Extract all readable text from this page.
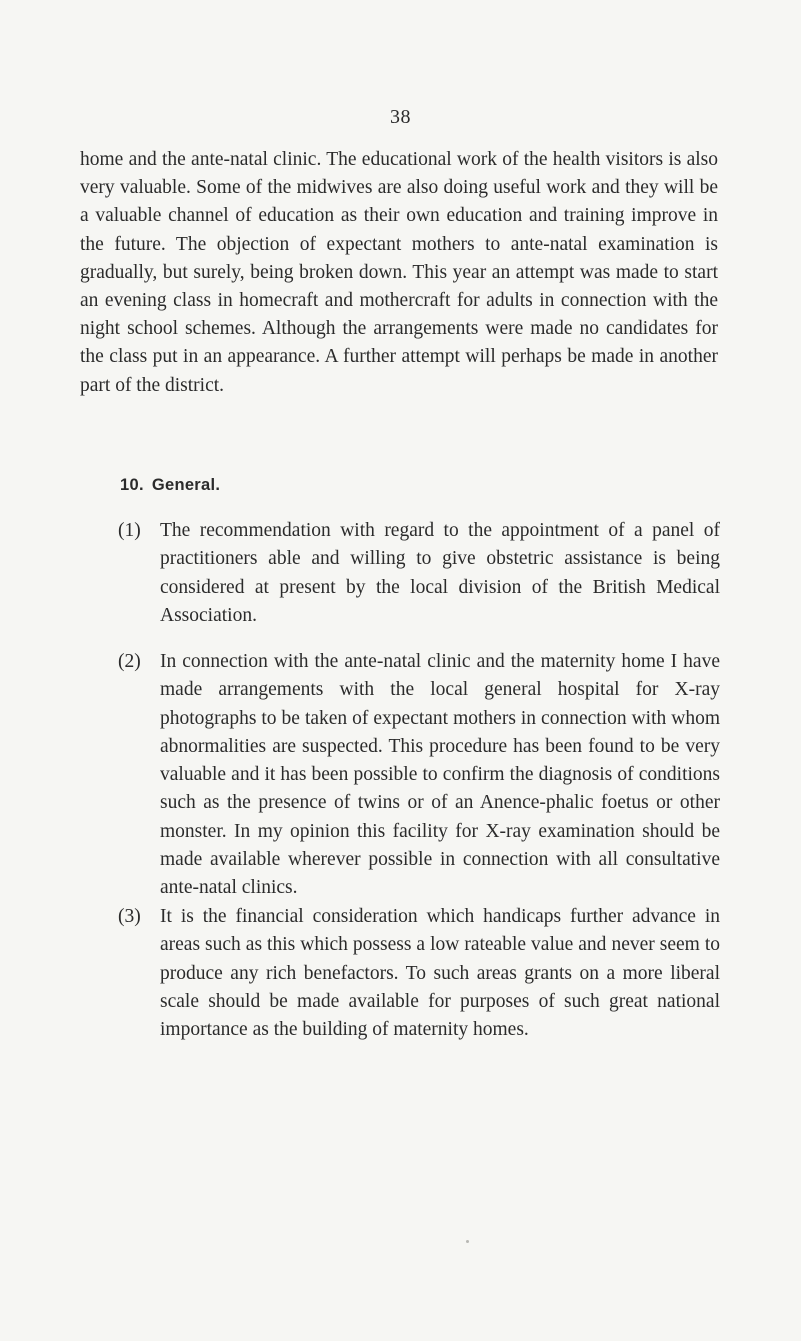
38

home and the ante-natal clinic. The educational work of the health visitors is also very valuable. Some of the midwives are also doing useful work and they will be a valuable channel of education as their own education and training improve in the future. The objection of expectant mothers to ante-natal examination is gradually, but surely, being broken down. This year an attempt was made to start an evening class in homecraft and mothercraft for adults in connection with the night school schemes. Although the arrangements were made no candidates for the class put in an appearance. A further attempt will perhaps be made in another part of the district.

10. General.
(1) The recommendation with regard to the appointment of a panel of practitioners able and willing to give obstetric assistance is being considered at present by the local division of the British Medical Association.
(2) In connection with the ante-natal clinic and the maternity home I have made arrangements with the local general hospital for X-ray photographs to be taken of expectant mothers in connection with whom abnormalities are suspected. This procedure has been found to be very valuable and it has been possible to confirm the diagnosis of conditions such as the presence of twins or of an Anence-phalic foetus or other monster. In my opinion this facility for X-ray examination should be made available wherever possible in connection with all consultative ante-natal clinics.
(3) It is the financial consideration which handicaps further advance in areas such as this which possess a low rateable value and never seem to produce any rich benefactors. To such areas grants on a more liberal scale should be made available for purposes of such great national importance as the building of maternity homes.
